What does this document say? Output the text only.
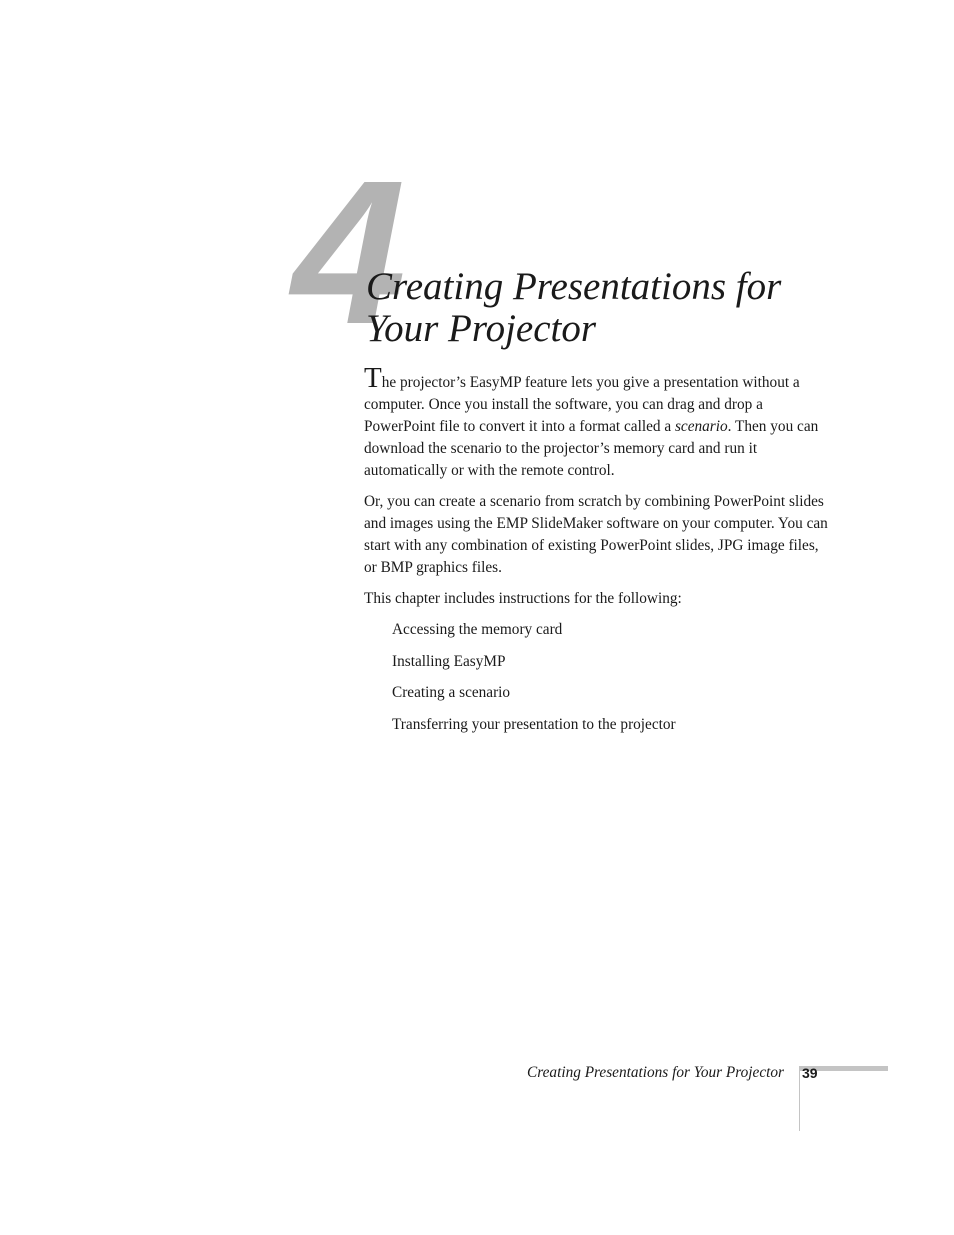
4
Creating Presentations for
Your Projector

The projector’s EasyMP feature lets you give a presentation without a computer. Once you install the software, you can drag and drop a PowerPoint file to convert it into a format called a scenario. Then you can download the scenario to the projector’s memory card and run it automatically or with the remote control.

Or, you can create a scenario from scratch by combining PowerPoint slides and images using the EMP SlideMaker software on your computer. You can start with any combination of existing PowerPoint slides, JPG image files, or BMP graphics files.

This chapter includes instructions for the following:

Accessing the memory card
Installing EasyMP
Creating a scenario
Transferring your presentation to the projector
Creating Presentations for Your Projector 39
